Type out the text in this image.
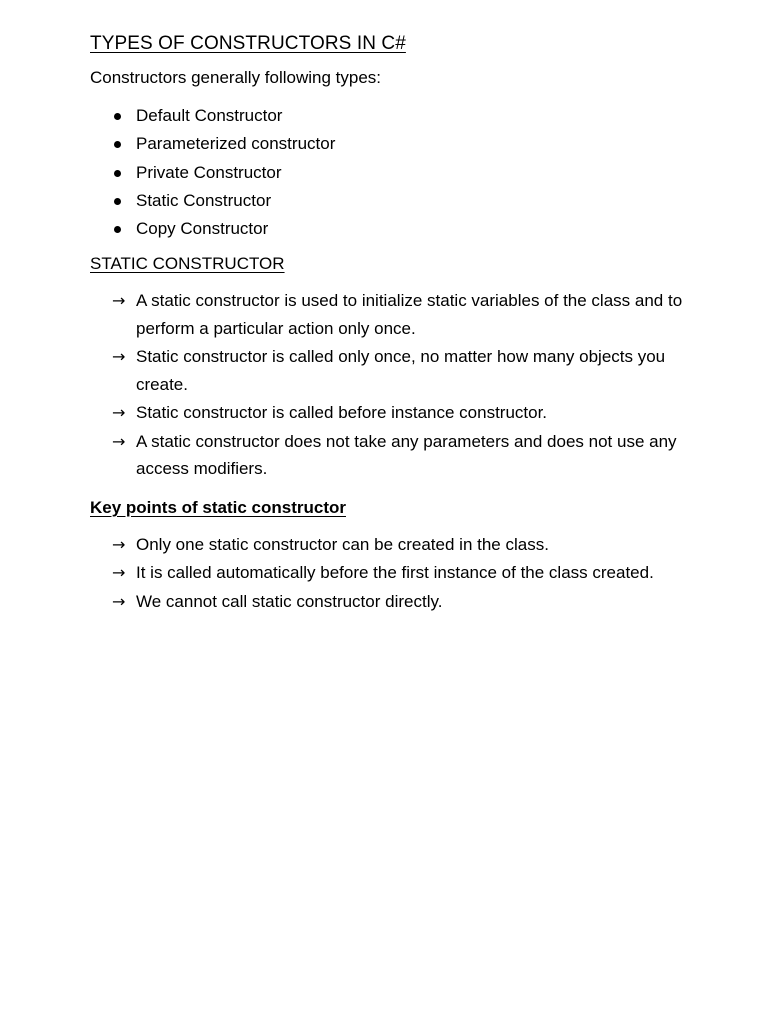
TYPES OF CONSTRUCTORS IN C#

Constructors generally following types:

Default Constructor
Parameterized constructor
Private Constructor
Static Constructor
Copy Constructor
STATIC CONSTRUCTOR
→ A static constructor is used to initialize static variables of the class and to perform a particular action only once.
→ Static constructor is called only once, no matter how many objects you create.
→ Static constructor is called before instance constructor.
→ A static constructor does not take any parameters and does not use any access modifiers.
Key points of static constructor
→ Only one static constructor can be created in the class.
→ It is called automatically before the first instance of the class created.
→ We cannot call static constructor directly.
